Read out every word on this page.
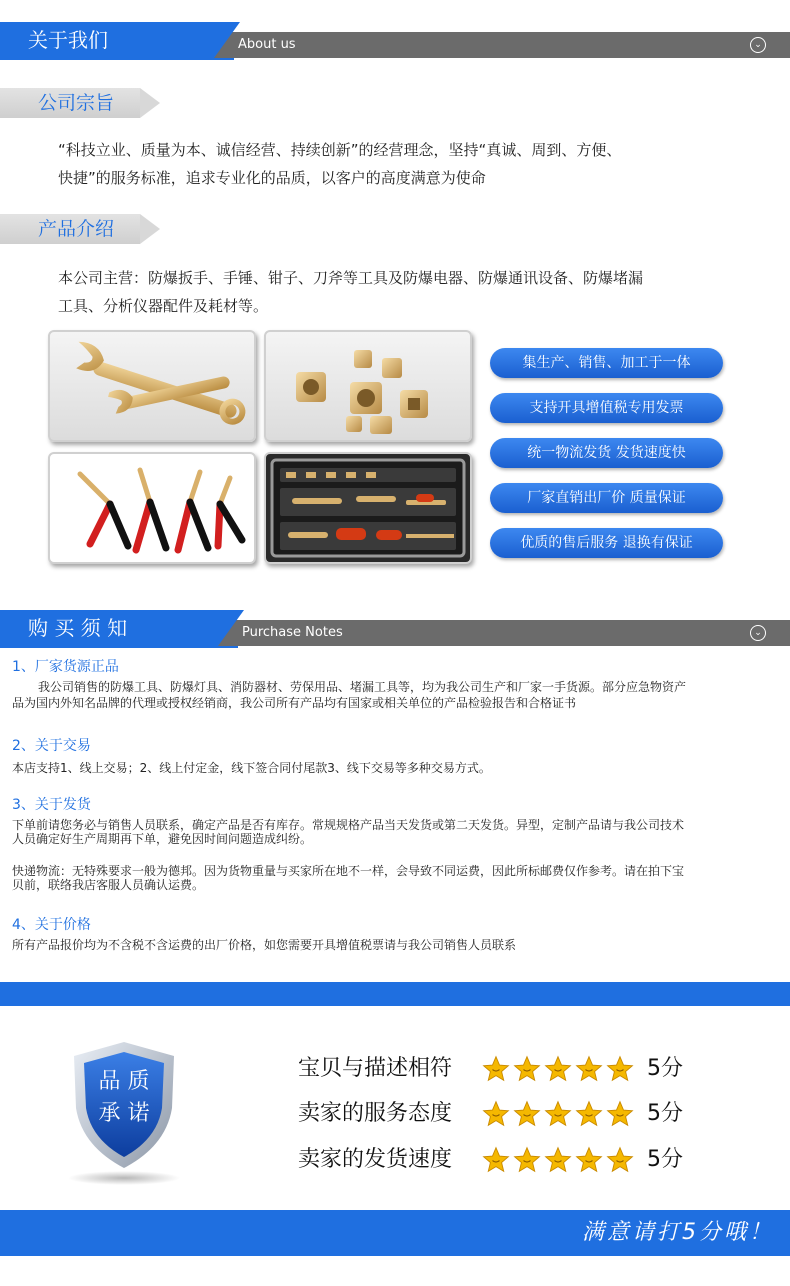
About us
关于我们	⌄
公司宗旨
“科技立业、质量为本、诚信经营、持续创新”的经营理念，坚持“真诚、周到、方便、
快捷”的服务标准，追求专业化的品质，以客户的高度满意为使命
产品介绍
本公司主营：防爆扳手、手锤、钳子、刀斧等工具及防爆电器、防爆通讯设备、防爆堵漏
工具、分析仪器配件及耗材等。
集生产、销售、加工于一体
支持开具增值税专用发票
统一物流发货 发货速度快
厂家直销出厂价 质量保证
优质的售后服务 退换有保证
Purchase Notes
购 买 须 知	⌄
1、厂家货源正品
我公司销售的防爆工具、防爆灯具、消防器材、劳保用品、堵漏工具等，均为我公司生产和厂家一手货源。部分应急物资产
品为国内外知名品牌的代理或授权经销商，我公司所有产品均有国家或相关单位的产品检验报告和合格证书
2、关于交易
本店支持1、线上交易；2、线上付定金，线下签合同付尾款3、线下交易等多种交易方式。
3、关于发货
下单前请您务必与销售人员联系，确定产品是否有库存。常规规格产品当天发货或第二天发货。异型，定制产品请与我公司技术
人员确定好生产周期再下单，避免因时间问题造成纠纷。
快递物流：无特殊要求一般为德邦。因为货物重量与买家所在地不一样，会导致不同运费，因此所标邮费仅作参考。请在拍下宝
贝前，联络我店客服人员确认运费。
4、关于价格
所有产品报价均为不含税不含运费的出厂价格，如您需要开具增值税票请与我公司销售人员联系
品 质
承 诺
宝贝与描述相符	5分
卖家的服务态度	5分
卖家的发货速度	5分
满意请打5分哦！
